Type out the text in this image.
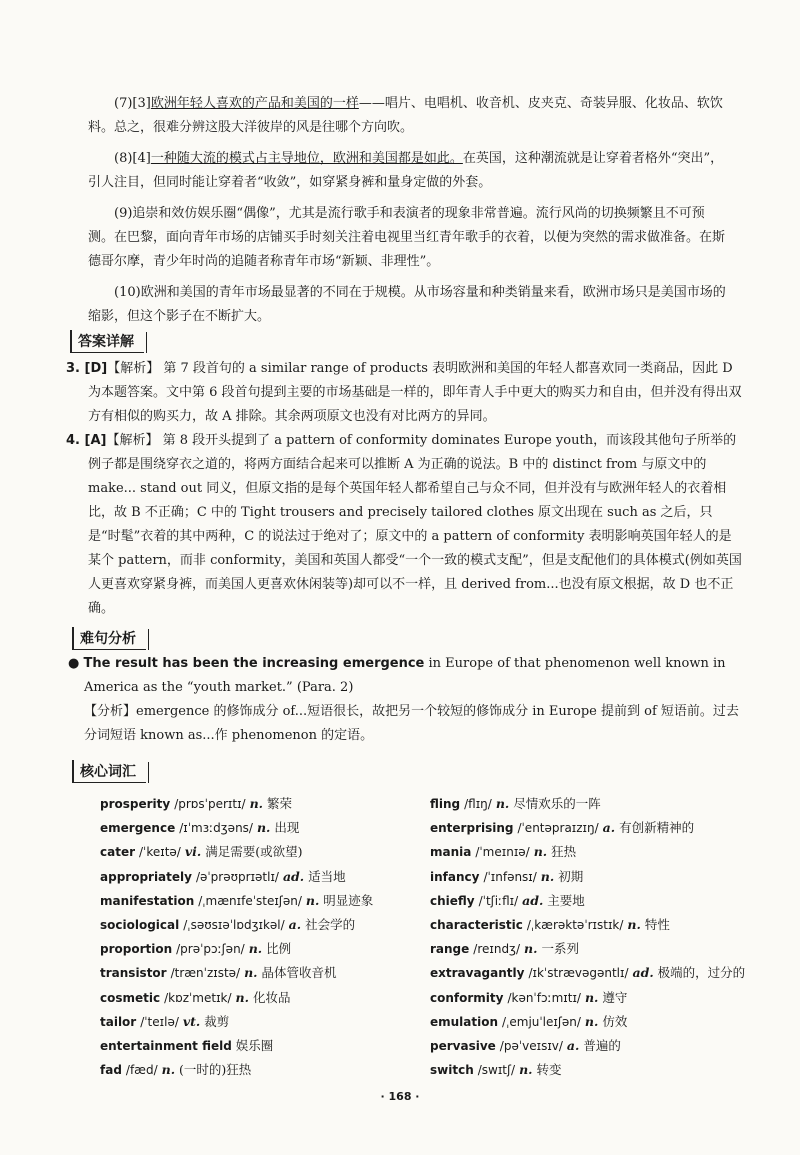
(7)[3]欧洲年轻人喜欢的产品和美国的一样——唱片、电唱机、收音机、皮夹克、奇装异服、化妆品、软饮料。总之，很难分辨这股大洋彼岸的风是往哪个方向吹。

(8)[4]一种随大流的模式占主导地位，欧洲和美国都是如此。在英国，这种潮流就是让穿着者格外“突出”，引人注目，但同时能让穿着者“收敛”，如穿紧身裤和量身定做的外套。

(9)追崇和效仿娱乐圈“偶像”，尤其是流行歌手和表演者的现象非常普遍。流行风尚的切换频繁且不可预测。在巴黎，面向青年市场的店铺买手时刻关注着电视里当红青年歌手的衣着，以便为突然的需求做准备。在斯德哥尔摩，青少年时尚的追随者称青年市场“新颖、非理性”。

(10)欧洲和美国的青年市场最显著的不同在于规模。从市场容量和种类销量来看，欧洲市场只是美国市场的缩影，但这个影子在不断扩大。

答案详解
3. [D]【解析】 第 7 段首句的 a similar range of products 表明欧洲和美国的年轻人都喜欢同一类商品，因此 D 为本题答案。文中第 6 段首句提到主要的市场基础是一样的，即年青人手中更大的购买力和自由，但并没有得出双方有相似的购买力，故 A 排除。其余两项原文也没有对比两方的异同。
4. [A]【解析】 第 8 段开头提到了 a pattern of conformity dominates Europe youth，而该段其他句子所举的例子都是围绕穿衣之道的，将两方面结合起来可以推断 A 为正确的说法。B 中的 distinct from 与原文中的 make... stand out 同义，但原文指的是每个英国年轻人都希望自己与众不同，但并没有与欧洲年轻人的衣着相比，故 B 不正确；C 中的 Tight trousers and precisely tailored clothes 原文出现在 such as 之后，只是“时髦”衣着的其中两种，C 的说法过于绝对了；原文中的 a pattern of conformity 表明影响英国年轻人的是某个 pattern，而非 conformity，美国和英国人都受“一个一致的模式支配”，但是支配他们的具体模式(例如英国人更喜欢穿紧身裤，而美国人更喜欢休闲装等)却可以不一样，且 derived from...也没有原文根据，故 D 也不正确。
难句分析
● The result has been the increasing emergence in Europe of that phenomenon well known in America as the “youth market.” (Para. 2)
【分析】emergence 的修饰成分 of...短语很长，故把另一个较短的修饰成分 in Europe 提前到 of 短语前。过去分词短语 known as...作 phenomenon 的定语。
核心词汇
prosperity /prɒsˈperɪtɪ/ n. 繁荣
emergence /ɪˈmɜːdʒəns/ n. 出现
cater /ˈkeɪtə/ vi. 满足需要(或欲望)
appropriately /əˈprəʊprɪətlɪ/ ad. 适当地
manifestation /ˌmænɪfeˈsteɪʃən/ n. 明显迹象
sociological /ˌsəʊsɪəˈlɒdʒɪkəl/ a. 社会学的
proportion /prəˈpɔːʃən/ n. 比例
transistor /trænˈzɪstə/ n. 晶体管收音机
cosmetic /kɒzˈmetɪk/ n. 化妆品
tailor /ˈteɪlə/ vt. 裁剪
entertainment field 娱乐圈
fad /fæd/ n. (一时的)狂热
fling /flɪŋ/ n. 尽情欢乐的一阵
enterprising /ˈentəpraɪzɪŋ/ a. 有创新精神的
mania /ˈmeɪnɪə/ n. 狂热
infancy /ˈɪnfənsɪ/ n. 初期
chiefly /ˈtʃiːflɪ/ ad. 主要地
characteristic /ˌkærəktəˈrɪstɪk/ n. 特性
range /reɪndʒ/ n. 一系列
extravagantly /ɪkˈstrævəgəntlɪ/ ad. 极端的，过分的
conformity /kənˈfɔːmɪtɪ/ n. 遵守
emulation /ˌemjuˈleɪʃən/ n. 仿效
pervasive /pəˈveɪsɪv/ a. 普遍的
switch /swɪtʃ/ n. 转变
· 168 ·
